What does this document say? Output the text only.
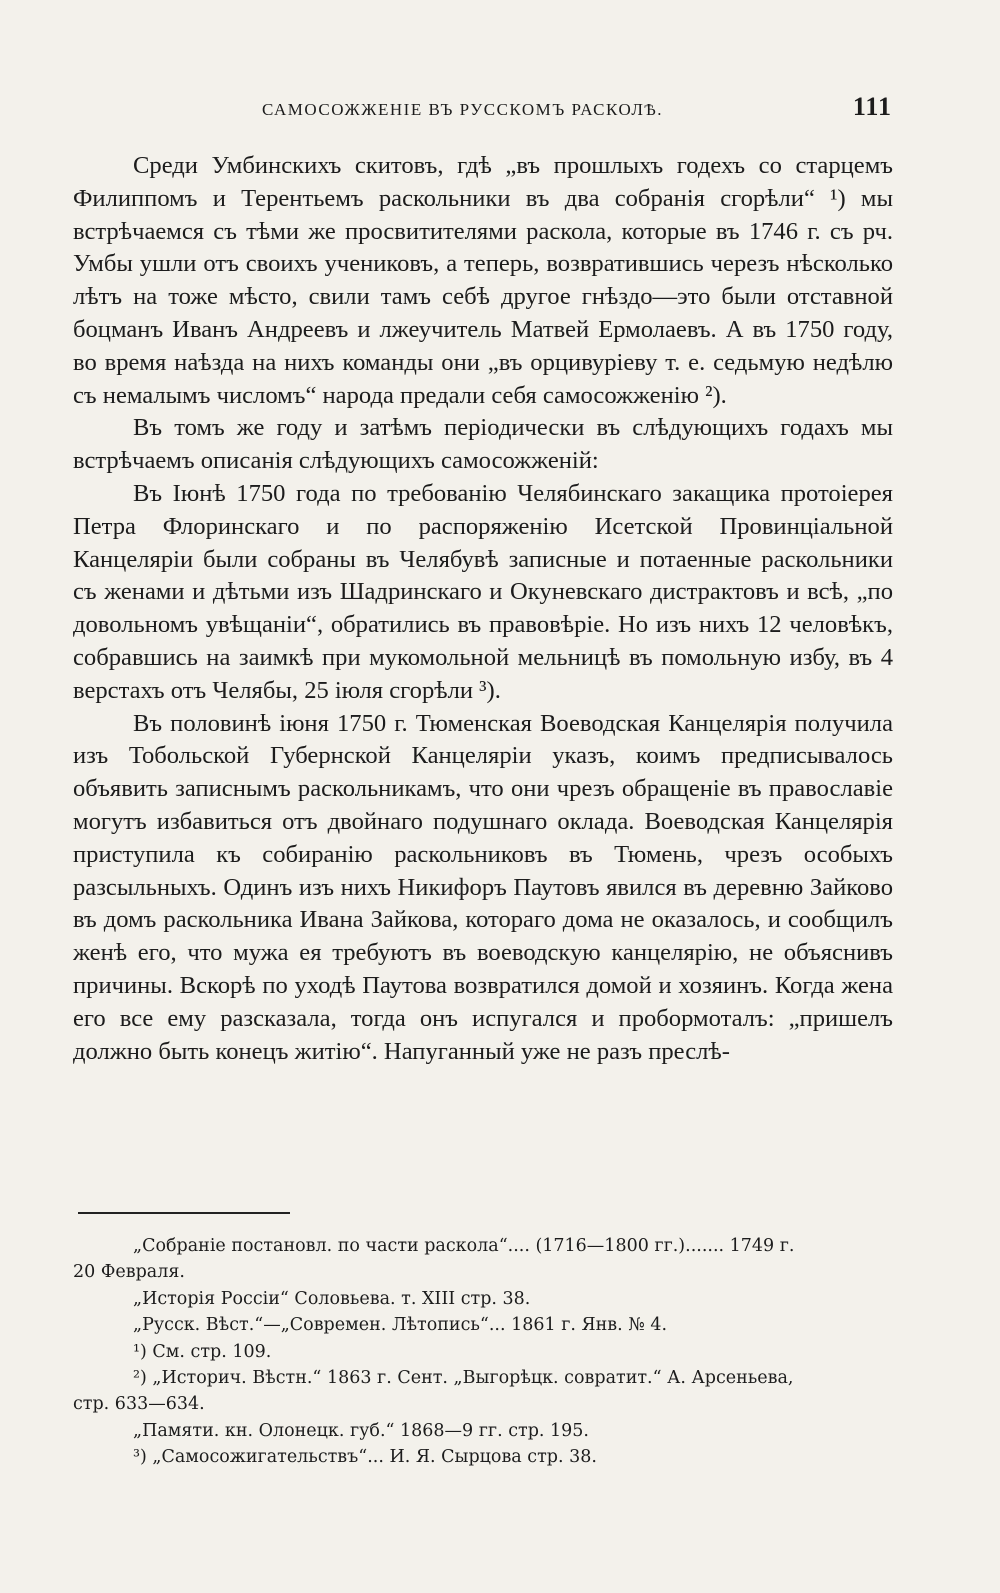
САМОСОЖЖЕНІЕ ВЪ РУССКОМЪ РАСКОЛѢ.	111

Среди Умбинскихъ скитовъ, гдѣ „въ прошлыхъ годехъ со старцемъ Филиппомъ и Терентьемъ раскольники въ два собранія сгорѣли“ ¹) мы встрѣчаемся съ тѣми же просвитителями раскола, которые въ 1746 г. съ рч. Умбы ушли отъ своихъ учениковъ, а теперь, возвратившись черезъ нѣсколько лѣтъ на тоже мѣсто, свили тамъ себѣ другое гнѣздо—это были отставной боцманъ Иванъ Андреевъ и лжеучитель Матвей Ермолаевъ. А въ 1750 году, во время наѣзда на нихъ команды они „въ орцивуріеву т. е. седьмую недѣлю съ немалымъ числомъ“ народа предали себя самосожженію ²).

Въ томъ же году и затѣмъ періодически въ слѣдующихъ годахъ мы встрѣчаемъ описанія слѣдующихъ самосожженій:

Въ Іюнѣ 1750 года по требованію Челябинскаго закащика протоіерея Петра Флоринскаго и по распоряженію Исетской Провинціальной Канцеляріи были собраны въ Челябувѣ записные и потаенные раскольники съ женами и дѣтьми изъ Шадринскаго и Окуневскаго дистрактовъ и всѣ, „по довольномъ увѣщаніи“, обратились въ правовѣріе. Но изъ нихъ 12 человѣкъ, собравшись на заимкѣ при мукомольной мельницѣ въ помольную избу, въ 4 верстахъ отъ Челябы, 25 іюля сгорѣли ³).

Въ половинѣ іюня 1750 г. Тюменская Воеводская Канцелярія получила изъ Тобольской Губернской Канцеляріи указъ, коимъ предписывалось объявить записнымъ раскольникамъ, что они чрезъ обращеніе въ православіе могутъ избавиться отъ двойнаго подушнаго оклада. Воеводская Канцелярія приступила къ собиранію раскольниковъ въ Тюмень, чрезъ особыхъ разсыльныхъ. Одинъ изъ нихъ Никифоръ Паутовъ явился въ деревню Зайково въ домъ раскольника Ивана Зайкова, котораго дома не оказалось, и сообщилъ женѣ его, что мужа ея требуютъ въ воеводскую канцелярію, не объяснивъ причины. Вскорѣ по уходѣ Паутова возвратился домой и хозяинъ. Когда жена его все ему разсказала, тогда онъ испугался и пробормоталъ: „пришелъ должно быть конецъ житію“. Напуганный уже не разъ преслѣ-

„Собраніе постановл. по части раскола“.... (1716—1800 гг.)....... 1749 г.

20 Февраля.

„Исторія Россіи“ Соловьева. т. XIII стр. 38.

„Русск. Вѣст.“—„Современ. Лѣтопись“... 1861 г. Янв. № 4.

¹) См. стр. 109.

²) „Историч. Вѣстн.“ 1863 г. Сент. „Выгорѣцк. совратит.“ А. Арсеньева,

стр. 633—634.

„Памяти. кн. Олонецк. губ.“ 1868—9 гг. стр. 195.

³) „Самосожигательствъ“... И. Я. Сырцова стр. 38.
